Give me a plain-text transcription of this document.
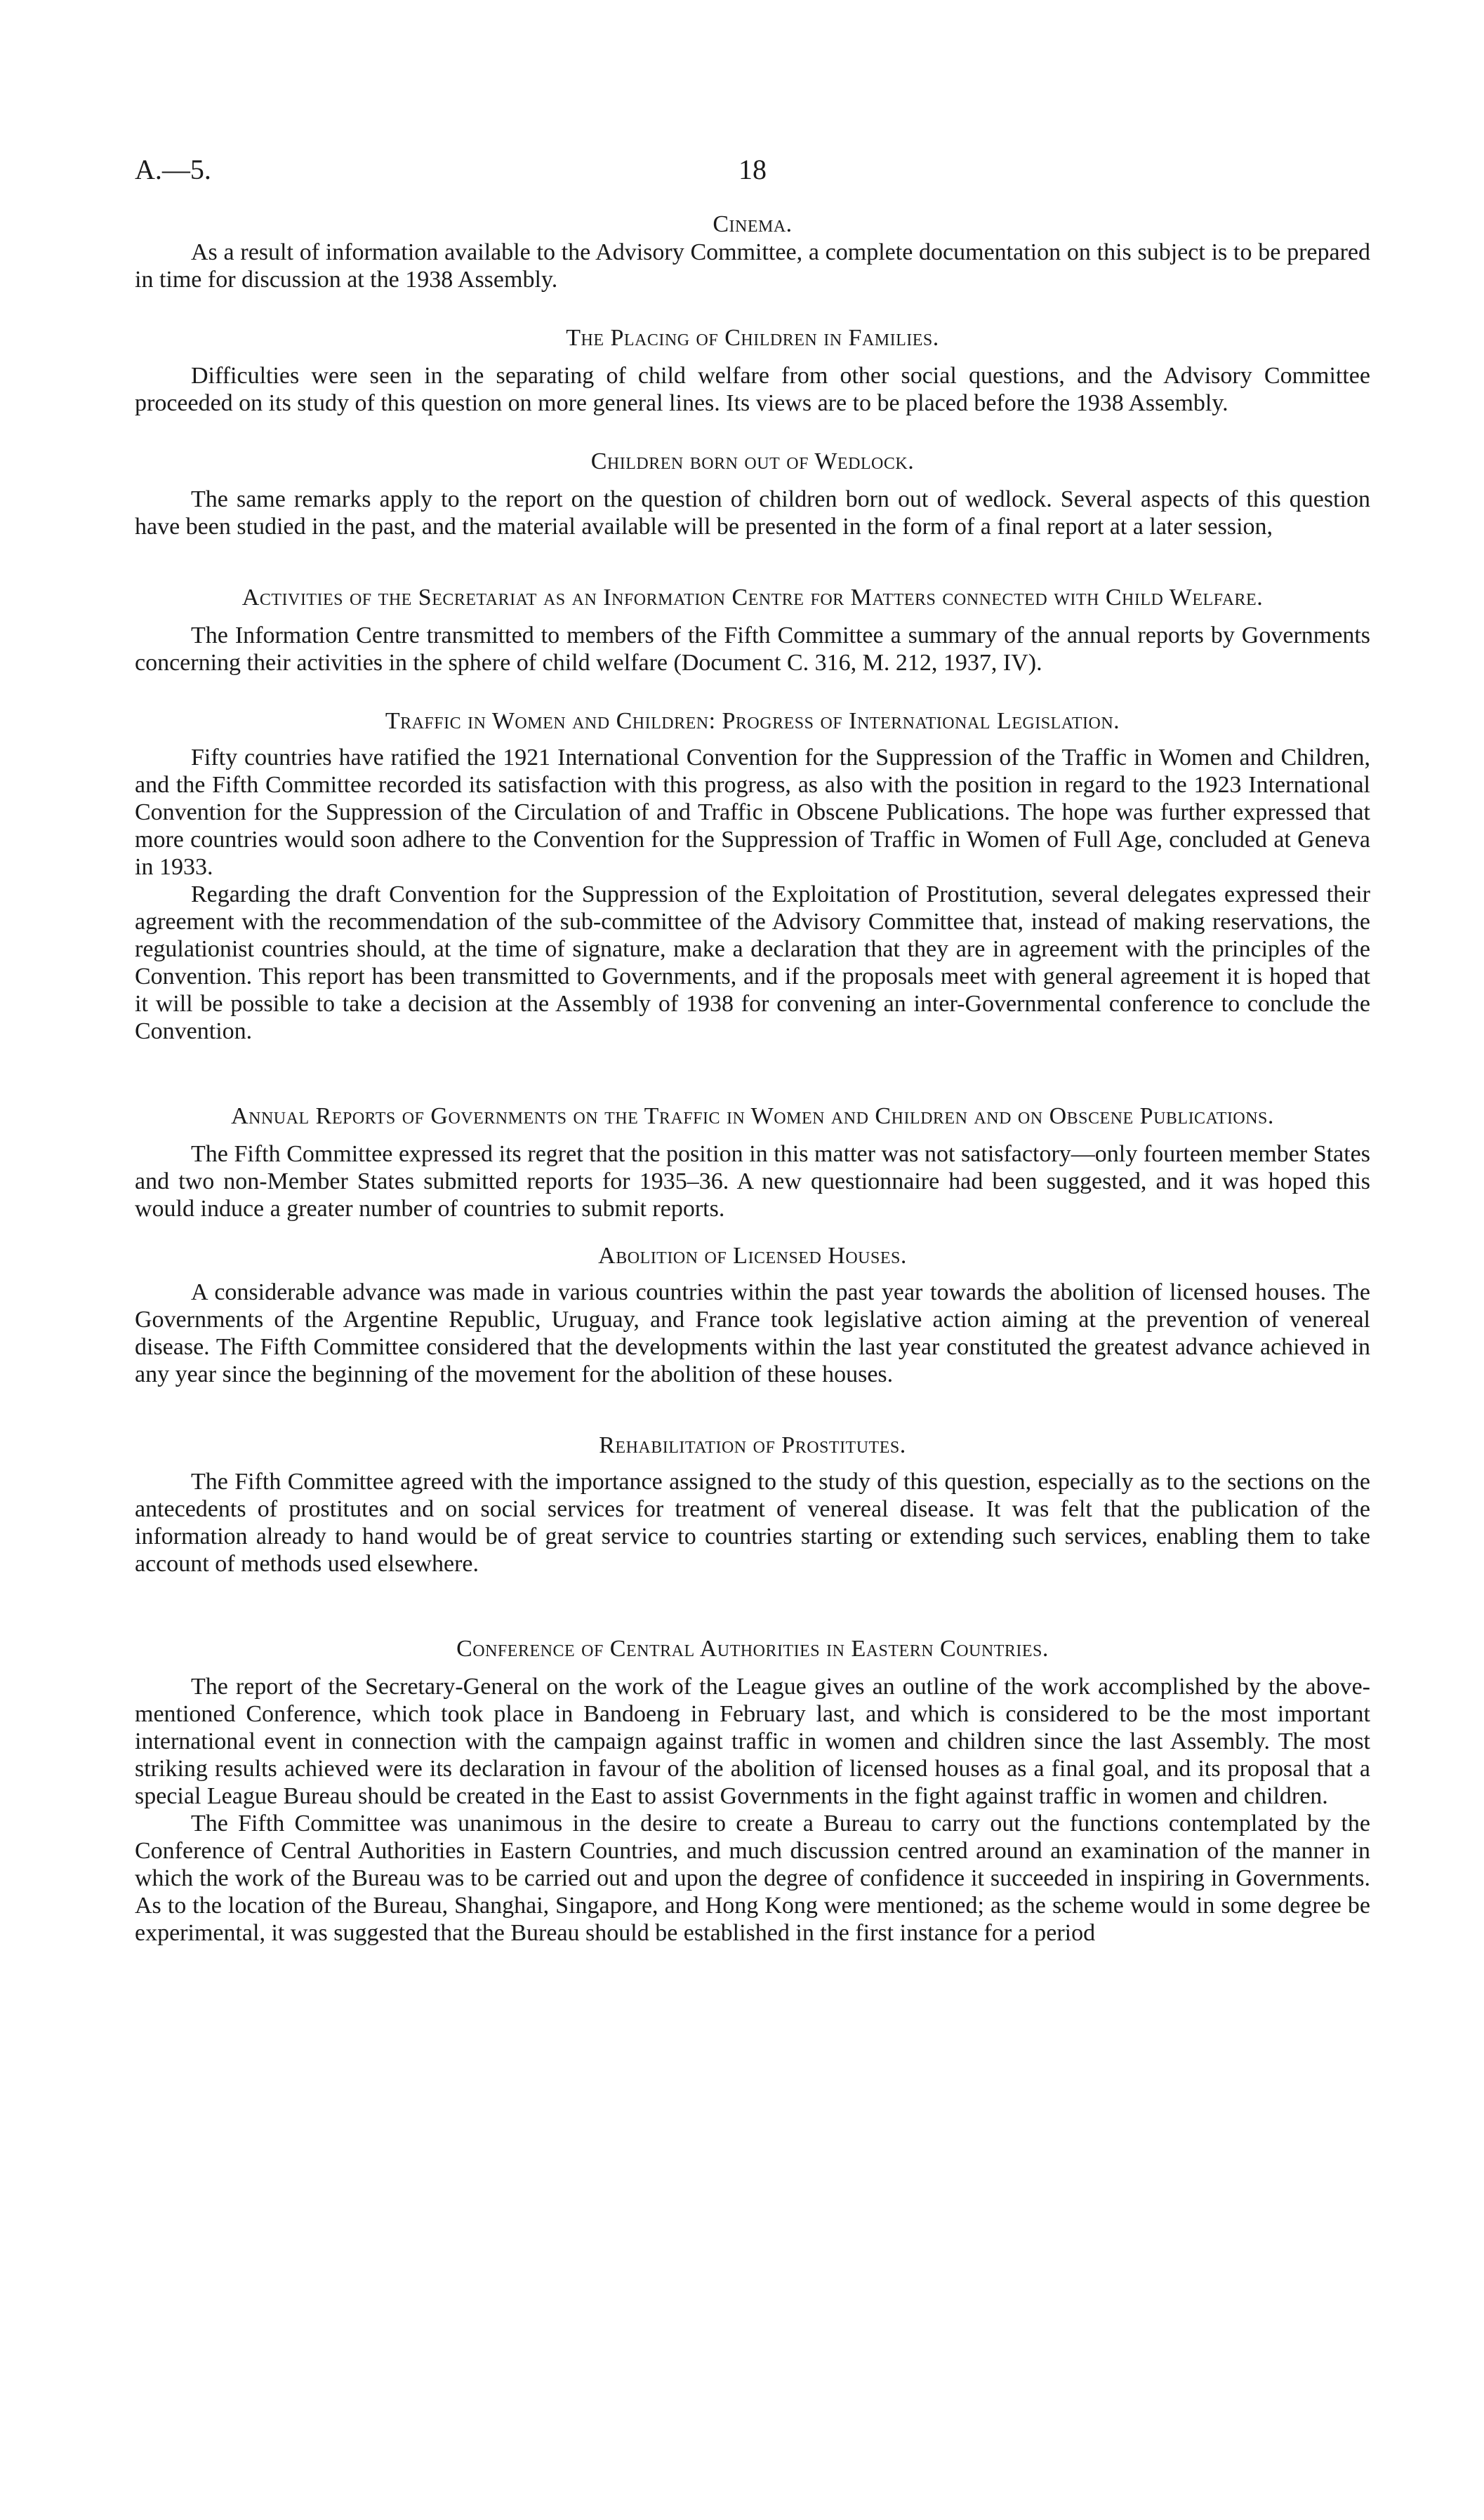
A.—5.	18
Cinema.

As a result of information available to the Advisory Committee, a complete documentation on this subject is to be prepared in time for discussion at the 1938 Assembly.

The Placing of Children in Families.

Difficulties were seen in the separating of child welfare from other social questions, and the Advisory Committee proceeded on its study of this question on more general lines. Its views are to be placed before the 1938 Assembly.

Children born out of Wedlock.

The same remarks apply to the report on the question of children born out of wedlock. Several aspects of this question have been studied in the past, and the material available will be presented in the form of a final report at a later session,

Activities of the Secretariat as an Information Centre for Matters connected with Child Welfare.

The Information Centre transmitted to members of the Fifth Committee a summary of the annual reports by Governments concerning their activities in the sphere of child welfare (Document C. 316, M. 212, 1937, IV).

Traffic in Women and Children: Progress of International Legislation.

Fifty countries have ratified the 1921 International Convention for the Suppression of the Traffic in Women and Children, and the Fifth Committee recorded its satisfaction with this progress, as also with the position in regard to the 1923 International Convention for the Suppression of the Circulation of and Traffic in Obscene Publications. The hope was further expressed that more countries would soon adhere to the Convention for the Suppression of Traffic in Women of Full Age, concluded at Geneva in 1933.

Regarding the draft Convention for the Suppression of the Exploitation of Prostitution, several delegates expressed their agreement with the recommendation of the sub-committee of the Advisory Committee that, instead of making reservations, the regulationist countries should, at the time of signature, make a declaration that they are in agreement with the principles of the Convention. This report has been transmitted to Governments, and if the proposals meet with general agreement it is hoped that it will be possible to take a decision at the Assembly of 1938 for convening an inter-Governmental conference to conclude the Convention.

Annual Reports of Governments on the Traffic in Women and Children and on Obscene Publications.

The Fifth Committee expressed its regret that the position in this matter was not satisfactory—only fourteen member States and two non-Member States submitted reports for 1935–36. A new questionnaire had been suggested, and it was hoped this would induce a greater number of countries to submit reports.

Abolition of Licensed Houses.

A considerable advance was made in various countries within the past year towards the abolition of licensed houses. The Governments of the Argentine Republic, Uruguay, and France took legislative action aiming at the prevention of venereal disease. The Fifth Committee considered that the developments within the last year constituted the greatest advance achieved in any year since the beginning of the movement for the abolition of these houses.

Rehabilitation of Prostitutes.

The Fifth Committee agreed with the importance assigned to the study of this question, especially as to the sections on the antecedents of prostitutes and on social services for treatment of venereal disease. It was felt that the publication of the information already to hand would be of great service to countries starting or extending such services, enabling them to take account of methods used elsewhere.

Conference of Central Authorities in Eastern Countries.

The report of the Secretary-General on the work of the League gives an outline of the work accomplished by the above-mentioned Conference, which took place in Bandoeng in February last, and which is considered to be the most important international event in connection with the campaign against traffic in women and children since the last Assembly. The most striking results achieved were its declaration in favour of the abolition of licensed houses as a final goal, and its proposal that a special League Bureau should be created in the East to assist Governments in the fight against traffic in women and children.

The Fifth Committee was unanimous in the desire to create a Bureau to carry out the functions contemplated by the Conference of Central Authorities in Eastern Countries, and much discussion centred around an examination of the manner in which the work of the Bureau was to be carried out and upon the degree of confidence it succeeded in inspiring in Governments. As to the location of the Bureau, Shanghai, Singapore, and Hong Kong were mentioned; as the scheme would in some degree be experimental, it was suggested that the Bureau should be established in the first instance for a period
